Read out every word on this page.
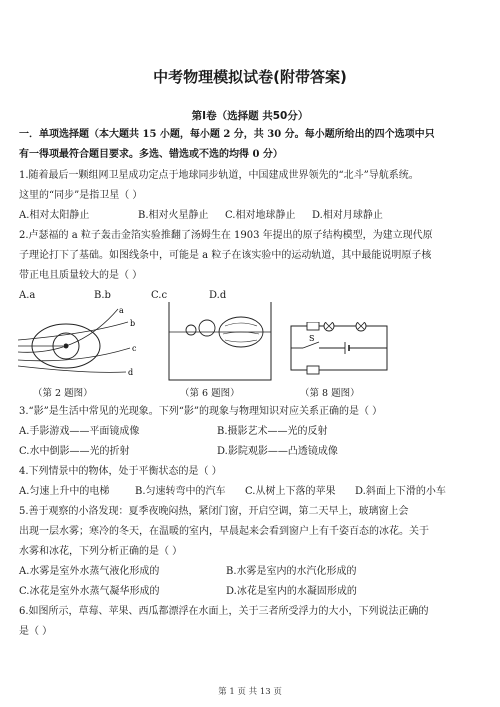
中考物理模拟试卷(附带答案)
第Ⅰ卷（选择题 共50分）
一．单项选择题（本大题共 15 小题，每小题 2 分，共 30 分。每小题所给出的四个选项中只
有一得项最符合题目要求。多选、错选或不选的均得 0 分）
1.随着最后一颗组网卫星成功定点于地球同步轨道，中国建成世界领先的“北斗”导航系统。
这里的“同步”是指卫星（ ）
A.相对太阳静止	B.相对火星静止 C.相对地球静止 D.相对月球静止
2.卢瑟福的 a 粒子轰击金箔实验推翻了汤姆生在 1903 年提出的原子结构模型，为建立现代原
子理论打下了基础。如图线条中，可能是 a 粒子在该实验中的运动轨道，其中最能说明原子核
带正电且质量较大的是（ ）
A.a	B.b	C.c	D.d
a
b
c
d
（第 2 题图）	（第 6 题图）
S
（第 8 题图）
3.“影”是生活中常见的光现象。下列“影”的现象与物理知识对应关系正确的是（ ）
A.手影游戏——平面镜成像	B.摄影艺术——光的反射
C.水中倒影——光的折射	D.影院观影——凸透镜成像
4.下列情景中的物体，处于平衡状态的是（ ）
A.匀速上升中的电梯	B.匀速转弯中的汽车 C.从树上下落的苹果 D.斜面上下滑的小车
5.善于观察的小洛发现：夏季夜晚闷热，紧闭门窗，开启空调，第二天早上，玻璃窗上会
出现一层水雾；寒冷的冬天，在温暖的室内，早晨起来会看到窗户上有千姿百态的冰花。关于
水雾和冰花，下列分析正确的是（ ）
A.水雾是室外水蒸气液化形成的	B.水雾是室内的水汽化形成的
C.冰花是室外水蒸气凝华形成的	D.冰花是室内的水凝固形成的
6.如图所示，草莓、苹果、西瓜都漂浮在水面上，关于三者所受浮力的大小，下列说法正确的
是（ ）
第 1 页 共 13 页
